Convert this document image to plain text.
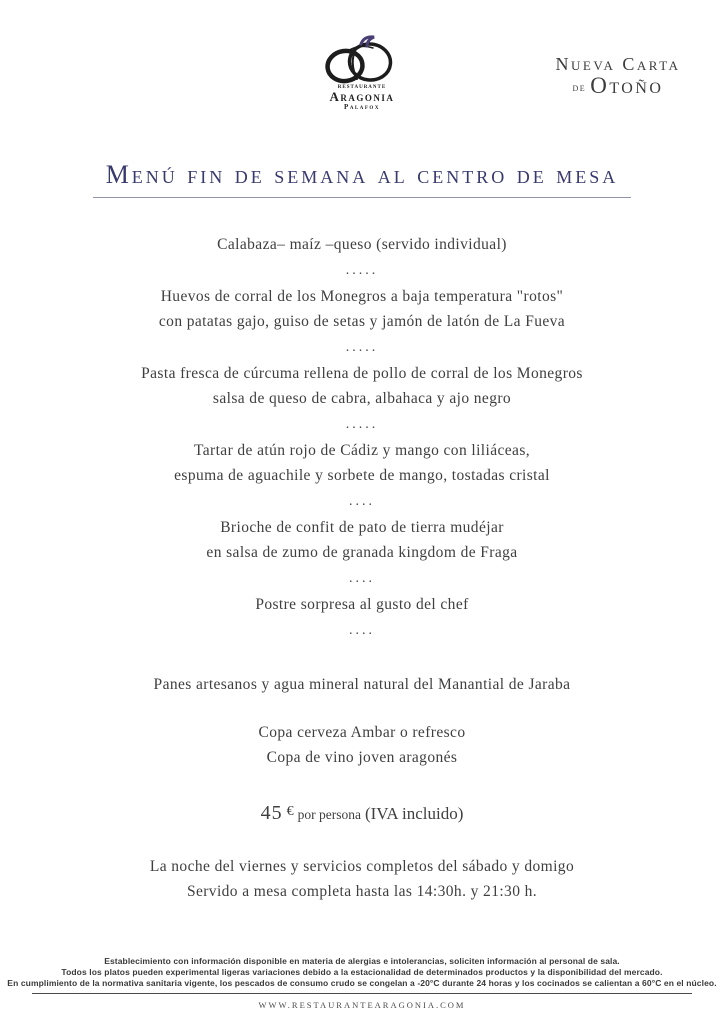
RESTAURANTE
Aragonia
Palafox
Nueva Carta
de Otoño
Menú fin de semana al centro de mesa
Calabaza– maíz –queso (servido individual)
.....
Huevos de corral de los Monegros a baja temperatura "rotos"
con patatas gajo, guiso de setas y jamón de latón de La Fueva
.....
Pasta fresca de cúrcuma rellena de pollo de corral de los Monegros
salsa de queso de cabra, albahaca y ajo negro
.....
Tartar de atún rojo de Cádiz y mango con liliáceas,
espuma de aguachile y sorbete de mango, tostadas cristal
....
Brioche de confit de pato de tierra mudéjar
en salsa de zumo de granada kingdom de Fraga
....
Postre sorpresa al gusto del chef
....
Panes artesanos y agua mineral natural del Manantial de Jaraba
Copa cerveza Ambar o refresco
Copa de vino joven aragonés
45 € por persona (IVA incluido)
La noche del viernes y servicios completos del sábado y domigo
Servido a mesa completa hasta las 14:30h. y 21:30 h.
Establecimiento con información disponible en materia de alergias e intolerancias, soliciten información al personal de sala.
Todos los platos pueden experimental ligeras variaciones debido a la estacionalidad de determinados productos y la disponibilidad del mercado.
En cumplimiento de la normativa sanitaria vigente, los pescados de consumo crudo se congelan a -20°C durante 24 horas y los cocinados se calientan a 60°C en el núcleo.
WWW.RESTAURANTEARAGONIA.COM
